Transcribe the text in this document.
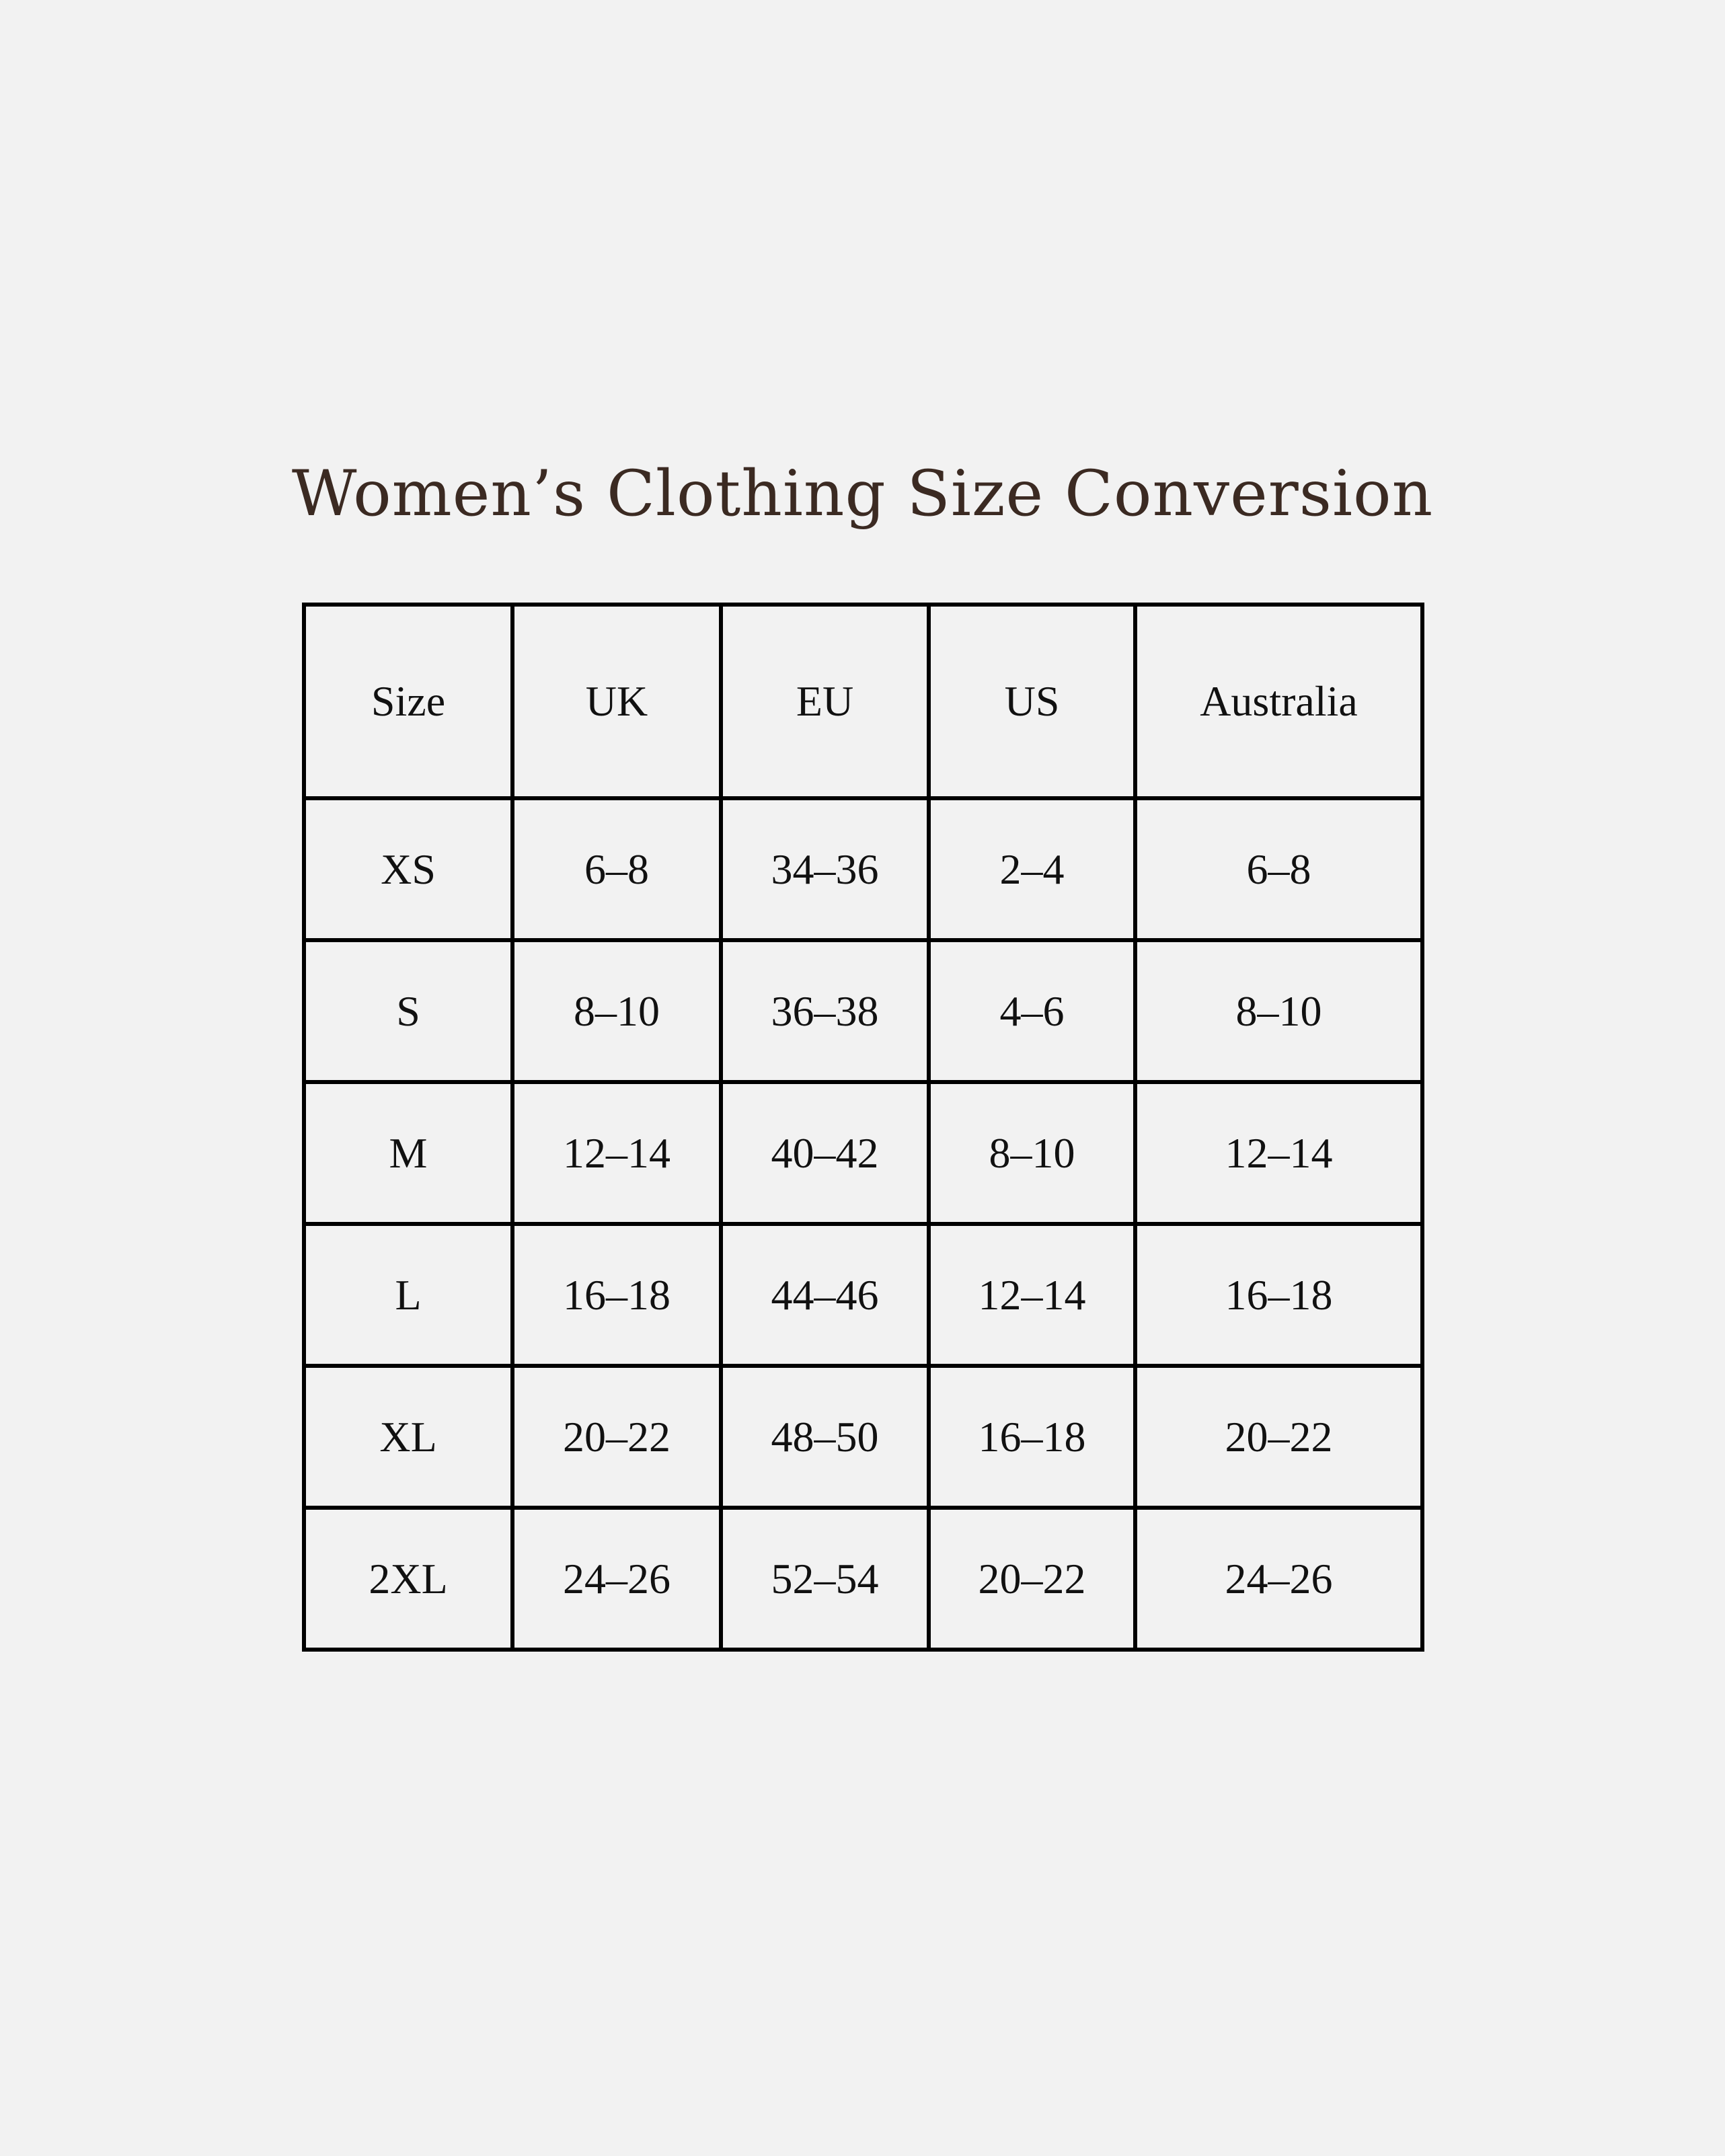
Women’s Clothing Size Conversion
Size	UK	EU	US	Australia
XS	6–8	34–36	2–4	6–8
S	8–10	36–38	4–6	8–10
M	12–14	40–42	8–10	12–14
L	16–18	44–46	12–14	16–18
XL	20–22	48–50	16–18	20–22
2XL	24–26	52–54	20–22	24–26
